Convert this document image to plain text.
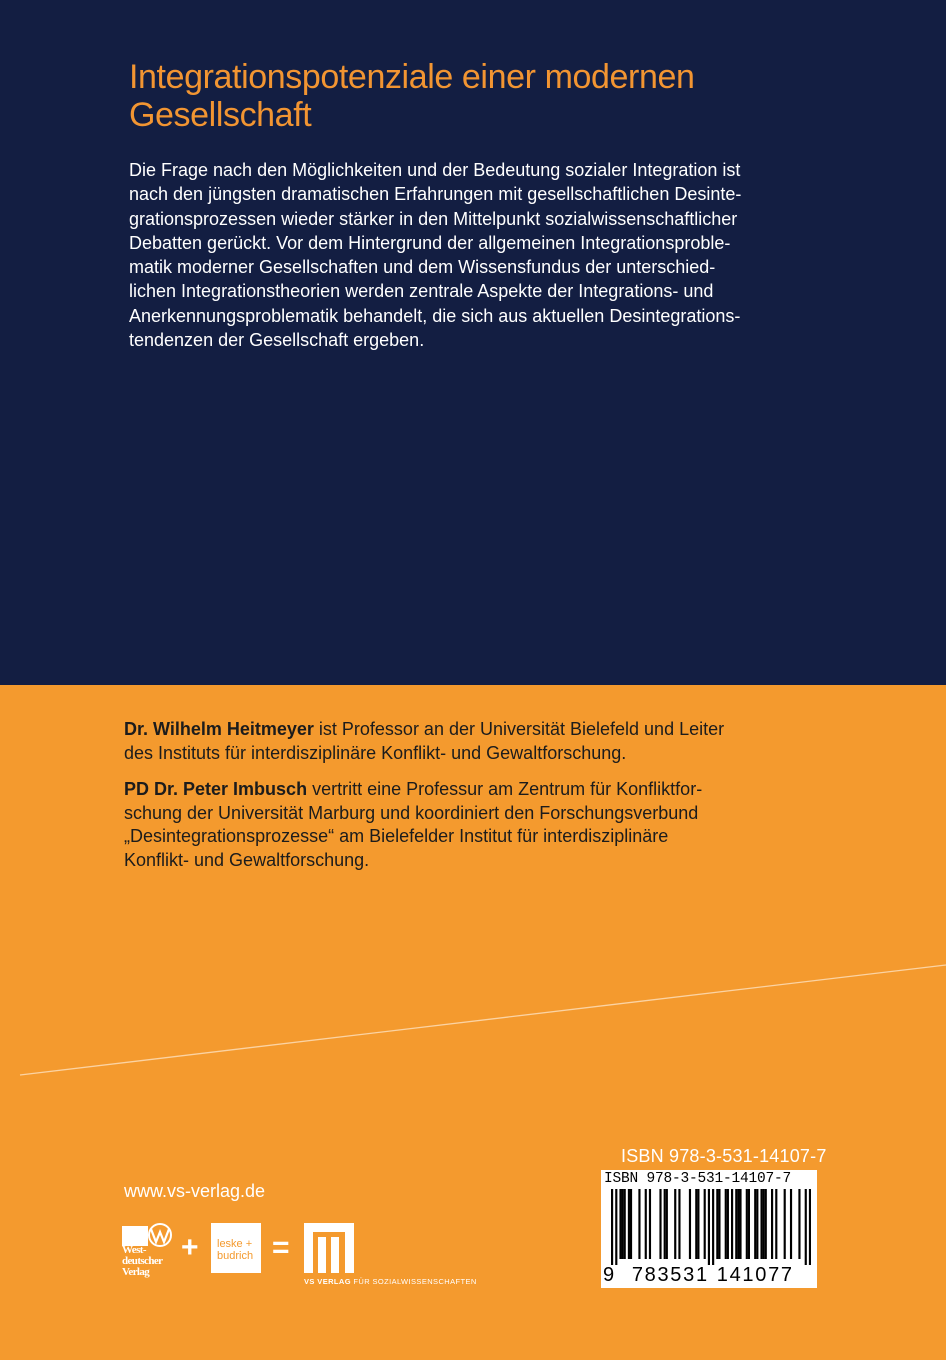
Integrationspotenziale einer modernen
Gesellschaft
Die Frage nach den Möglichkeiten und der Bedeutung sozialer Integration ist
nach den jüngsten dramatischen Erfahrungen mit gesellschaftlichen Desinte-
grationsprozessen wieder stärker in den Mittelpunkt sozialwissenschaftlicher
Debatten gerückt. Vor dem Hintergrund der allgemeinen Integrationsproble-
matik moderner Gesellschaften und dem Wissensfundus der unterschied-
lichen Integrationstheorien werden zentrale Aspekte der Integrations- und
Anerkennungsproblematik behandelt, die sich aus aktuellen Desintegrations-
tendenzen der Gesellschaft ergeben.
Dr. Wilhelm Heitmeyer ist Professor an der Universität Bielefeld und Leiter
des Instituts für interdisziplinäre Konflikt- und Gewaltforschung.
PD Dr. Peter Imbusch vertritt eine Professur am Zentrum für Konfliktfor-
schung der Universität Marburg und koordiniert den Forschungsverbund
„Desintegrationsprozesse“ am Bielefelder Institut für interdisziplinäre
Konflikt- und Gewaltforschung.
www.vs-verlag.de
West-
deutscher
Verlag
+ leske +
budrich =
VS VERLAG FÜR SOZIALWISSENSCHAFTEN
ISBN 978-3-531-14107-7
ISBN 978-3-531-14107-7
9 783531 141077
